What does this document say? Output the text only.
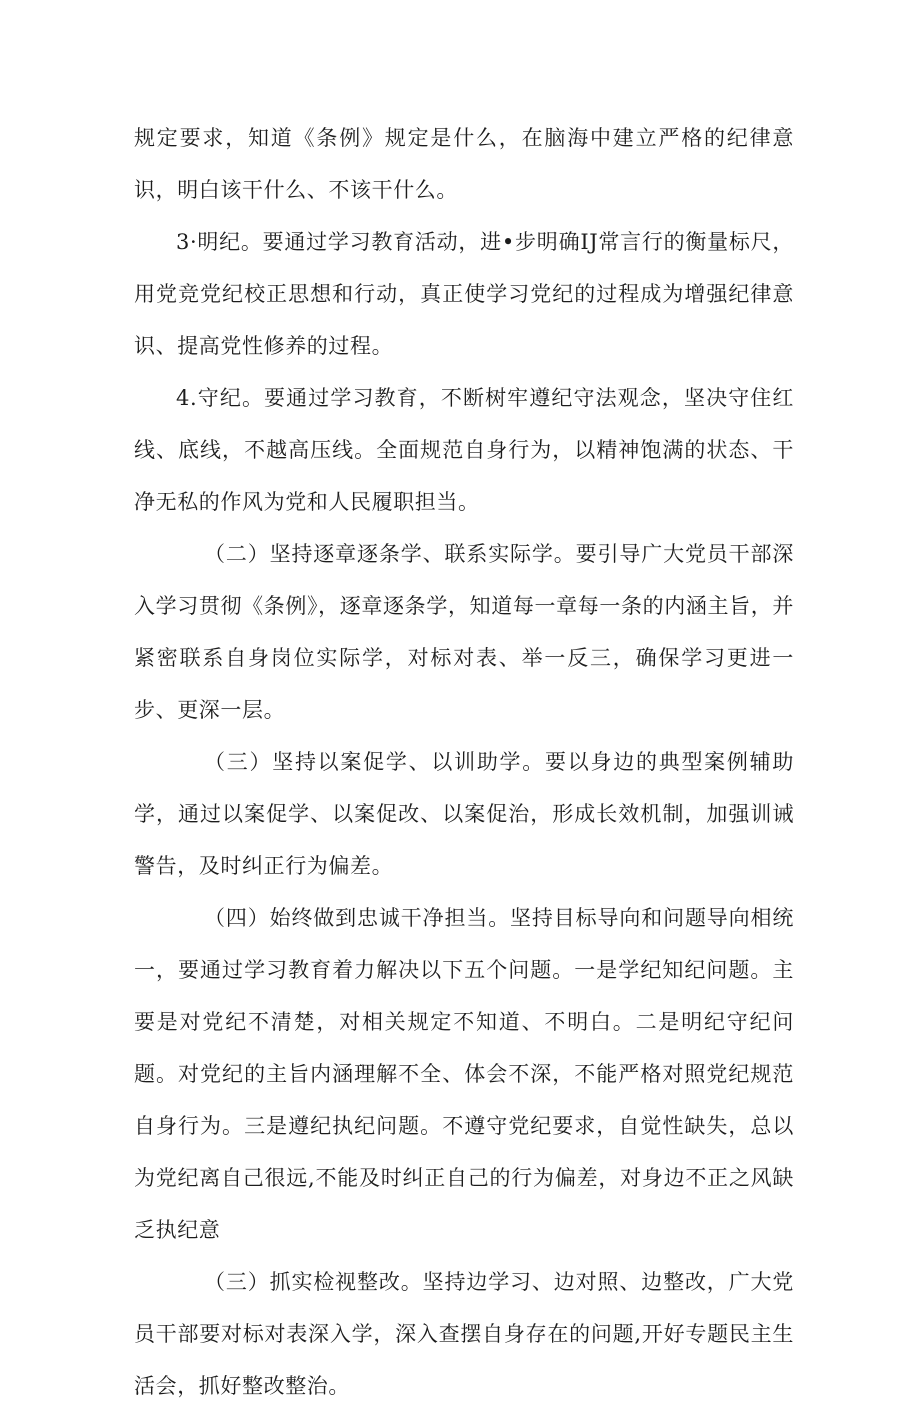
规定要求，知道《条例》规定是什么，在脑海中建立严格的纪律意识，明白该干什么、不该干什么。

3·明纪。要通过学习教育活动，进•步明确IJ常言行的衡量标尺，用党竞党纪校正思想和行动，真正使学习党纪的过程成为增强纪律意识、提高党性修养的过程。

4.守纪。要通过学习教育，不断树牢遵纪守法观念，坚决守住红线、底线，不越高压线。全面规范自身行为，以精神饱满的状态、干净无私的作风为党和人民履职担当。

（二）坚持逐章逐条学、联系实际学。要引导广大党员干部深入学习贯彻《条例》，逐章逐条学，知道每一章每一条的内涵主旨，并紧密联系自身岗位实际学，对标对表、举一反三，确保学习更进一步、更深一层。

（三）坚持以案促学、以训助学。要以身边的典型案例辅助学，通过以案促学、以案促改、以案促治，形成长效机制，加强训诫警告，及时纠正行为偏差。

（四）始终做到忠诚干净担当。坚持目标导向和问题导向相统一，要通过学习教育着力解决以下五个问题。一是学纪知纪问题。主要是对党纪不清楚，对相关规定不知道、不明白。二是明纪守纪问题。对党纪的主旨内涵理解不全、体会不深，不能严格对照党纪规范自身行为。三是遵纪执纪问题。不遵守党纪要求，自觉性缺失，总以为党纪离自己很远,不能及时纠正自己的行为偏差，对身边不正之风缺乏执纪意

（三）抓实检视整改。坚持边学习、边对照、边整改，广大党员干部要对标对表深入学，深入查摆自身存在的问题,开好专题民主生活会，抓好整改整治。
